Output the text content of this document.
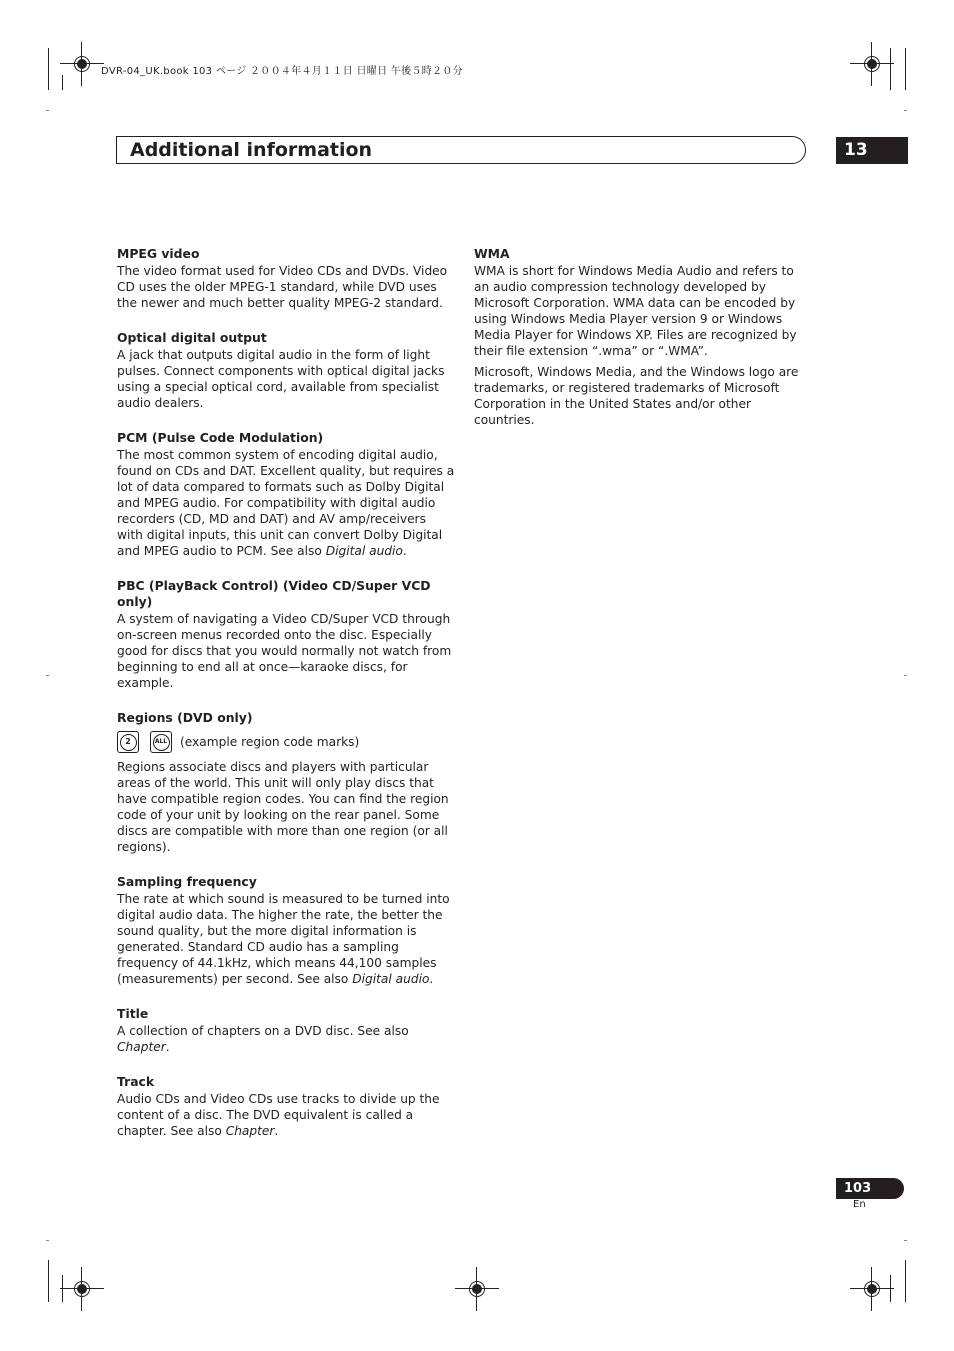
DVR-04_UK.book 103 ページ ２００４年４月１１日 日曜日 午後５時２０分
Additional information	13
MPEG video
The video format used for Video CDs and DVDs. Video CD uses the older MPEG-1 standard, while DVD uses the newer and much better quality MPEG-2 standard.
Optical digital output
A jack that outputs digital audio in the form of light pulses. Connect components with optical digital jacks using a special optical cord, available from specialist audio dealers.
PCM (Pulse Code Modulation)
The most common system of encoding digital audio, found on CDs and DAT. Excellent quality, but requires a lot of data compared to formats such as Dolby Digital and MPEG audio. For compatibility with digital audio recorders (CD, MD and DAT) and AV amp/receivers with digital inputs, this unit can convert Dolby Digital and MPEG audio to PCM. See also Digital audio.
PBC (PlayBack Control) (Video CD/Super VCD only)
A system of navigating a Video CD/Super VCD through on-screen menus recorded onto the disc. Especially good for discs that you would normally not watch from beginning to end all at once—karaoke discs, for example.
Regions (DVD only)
2	ALL (example region code marks)
Regions associate discs and players with particular areas of the world. This unit will only play discs that have compatible region codes. You can find the region code of your unit by looking on the rear panel. Some discs are compatible with more than one region (or all regions).
Sampling frequency
The rate at which sound is measured to be turned into digital audio data. The higher the rate, the better the sound quality, but the more digital information is generated. Standard CD audio has a sampling frequency of 44.1kHz, which means 44,100 samples (measurements) per second. See also Digital audio.
Title
A collection of chapters on a DVD disc. See also Chapter.
Track
Audio CDs and Video CDs use tracks to divide up the content of a disc. The DVD equivalent is called a chapter. See also Chapter.
WMA
WMA is short for Windows Media Audio and refers to an audio compression technology developed by Microsoft Corporation. WMA data can be encoded by using Windows Media Player version 9 or Windows Media Player for Windows XP. Files are recognized by their file extension “.wma” or “.WMA”.
Microsoft, Windows Media, and the Windows logo are trademarks, or registered trademarks of Microsoft Corporation in the United States and/or other countries.
103
En
